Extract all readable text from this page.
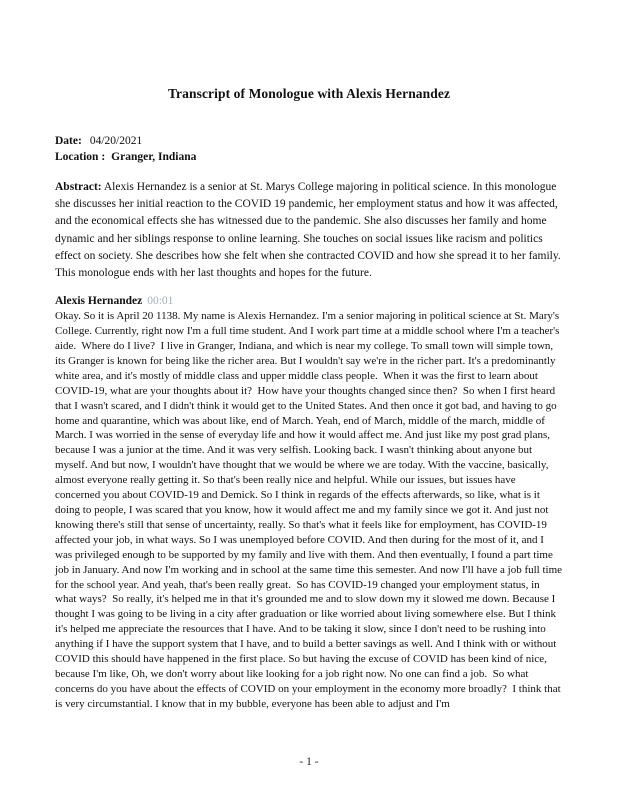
Transcript of Monologue with Alexis Hernandez
Date: 04/20/2021
Location : Granger, Indiana
Abstract: Alexis Hernandez is a senior at St. Marys College majoring in political science. In this monologue she discusses her initial reaction to the COVID 19 pandemic, her employment status and how it was affected, and the economical effects she has witnessed due to the pandemic. She also discusses her family and home dynamic and her siblings response to online learning. She touches on social issues like racism and politics effect on society. She describes how she felt when she contracted COVID and how she spread it to her family. This monologue ends with her last thoughts and hopes for the future.
Alexis Hernandez 00:01
Okay. So it is April 20 1138. My name is Alexis Hernandez. I'm a senior majoring in political science at St. Mary's College. Currently, right now I'm a full time student. And I work part time at a middle school where I'm a teacher's aide.  Where do I live?  I live in Granger, Indiana, and which is near my college. To small town will simple town, its Granger is known for being like the richer area. But I wouldn't say we're in the richer part. It's a predominantly white area, and it's mostly of middle class and upper middle class people.  When it was the first to learn about COVID-19, what are your thoughts about it?  How have your thoughts changed since then?  So when I first heard that I wasn't scared, and I didn't think it would get to the United States. And then once it got bad, and having to go home and quarantine, which was about like, end of March. Yeah, end of March, middle of the march, middle of March. I was worried in the sense of everyday life and how it would affect me. And just like my post grad plans, because I was a junior at the time. And it was very selfish. Looking back. I wasn't thinking about anyone but myself. And but now, I wouldn't have thought that we would be where we are today. With the vaccine, basically, almost everyone really getting it. So that's been really nice and helpful. While our issues, but issues have concerned you about COVID-19 and Demick. So I think in regards of the effects afterwards, so like, what is it doing to people, I was scared that you know, how it would affect me and my family since we got it. And just not knowing there's still that sense of uncertainty, really. So that's what it feels like for employment, has COVID-19 affected your job, in what ways. So I was unemployed before COVID. And then during for the most of it, and I was privileged enough to be supported by my family and live with them. And then eventually, I found a part time job in January. And now I'm working and in school at the same time this semester. And now I'll have a job full time for the school year. And yeah, that's been really great.  So has COVID-19 changed your employment status, in what ways?  So really, it's helped me in that it's grounded me and to slow down my it slowed me down. Because I thought I was going to be living in a city after graduation or like worried about living somewhere else. But I think it's helped me appreciate the resources that I have. And to be taking it slow, since I don't need to be rushing into anything if I have the support system that I have, and to build a better savings as well. And I think with or without COVID this should have happened in the first place. So but having the excuse of COVID has been kind of nice, because I'm like, Oh, we don't worry about like looking for a job right now. No one can find a job.  So what concerns do you have about the effects of COVID on your employment in the economy more broadly?  I think that is very circumstantial. I know that in my bubble, everyone has been able to adjust and I'm
- 1 -
